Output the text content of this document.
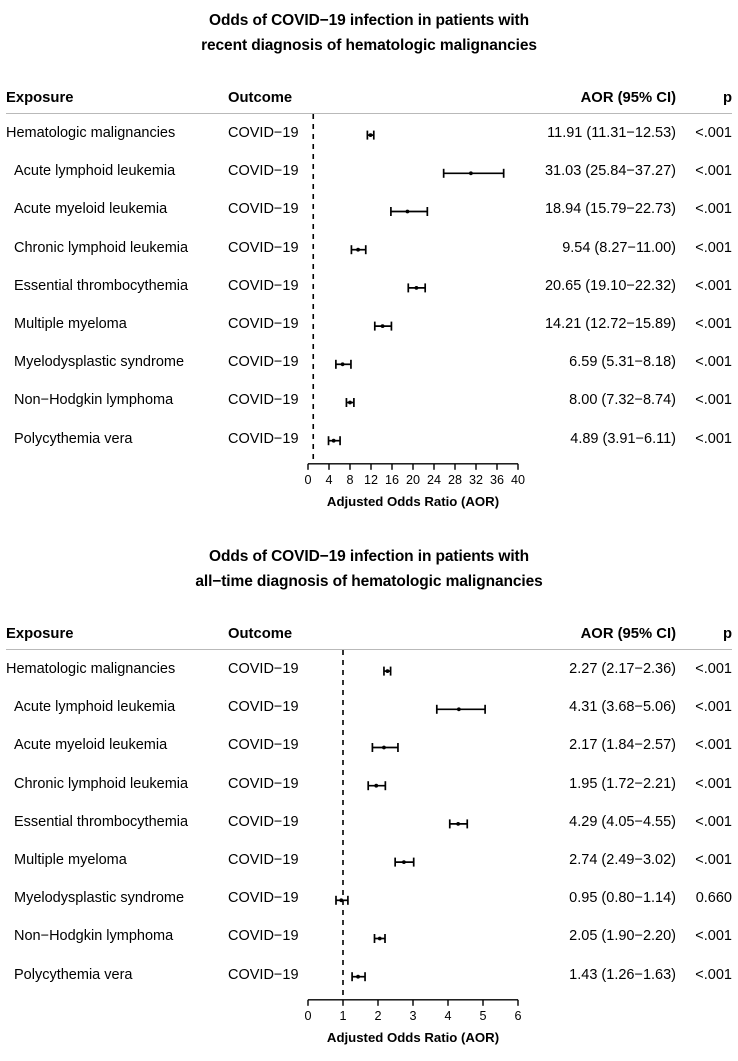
Odds of COVID−19 infection in patients with
recent diagnosis of hematologic malignancies
Exposure	Outcome	AOR (95% CI)	p
Hematologic malignancies	COVID−19	11.91 (11.31−12.53) <.001
Acute lymphoid leukemia	COVID−19	31.03 (25.84−37.27) <.001
Acute myeloid leukemia	COVID−19	18.94 (15.79−22.73) <.001
Chronic lymphoid leukemia	COVID−19	9.54 (8.27−11.00) <.001
Essential thrombocythemia	COVID−19	20.65 (19.10−22.32) <.001
Multiple myeloma	COVID−19	14.21 (12.72−15.89) <.001
Myelodysplastic syndrome	COVID−19	6.59 (5.31−8.18) <.001
Non−Hodgkin lymphoma	COVID−19	8.00 (7.32−8.74) <.001
Polycythemia vera	COVID−19	4.89 (3.91−6.11) <.001
0 4 8 12 16 20 24 28 32 36 40
Adjusted Odds Ratio (AOR)
Odds of COVID−19 infection in patients with
all−time diagnosis of hematologic malignancies
Exposure	Outcome	AOR (95% CI)	p
Hematologic malignancies	COVID−19	2.27 (2.17−2.36) <.001
Acute lymphoid leukemia	COVID−19	4.31 (3.68−5.06) <.001
Acute myeloid leukemia	COVID−19	2.17 (1.84−2.57) <.001
Chronic lymphoid leukemia	COVID−19	1.95 (1.72−2.21) <.001
Essential thrombocythemia	COVID−19	4.29 (4.05−4.55) <.001
Multiple myeloma	COVID−19	2.74 (2.49−3.02) <.001
Myelodysplastic syndrome	COVID−19	0.95 (0.80−1.14) 0.660
Non−Hodgkin lymphoma	COVID−19	2.05 (1.90−2.20) <.001
Polycythemia vera	COVID−19	1.43 (1.26−1.63) <.001
0 1 2 3 4 5 6
Adjusted Odds Ratio (AOR)
